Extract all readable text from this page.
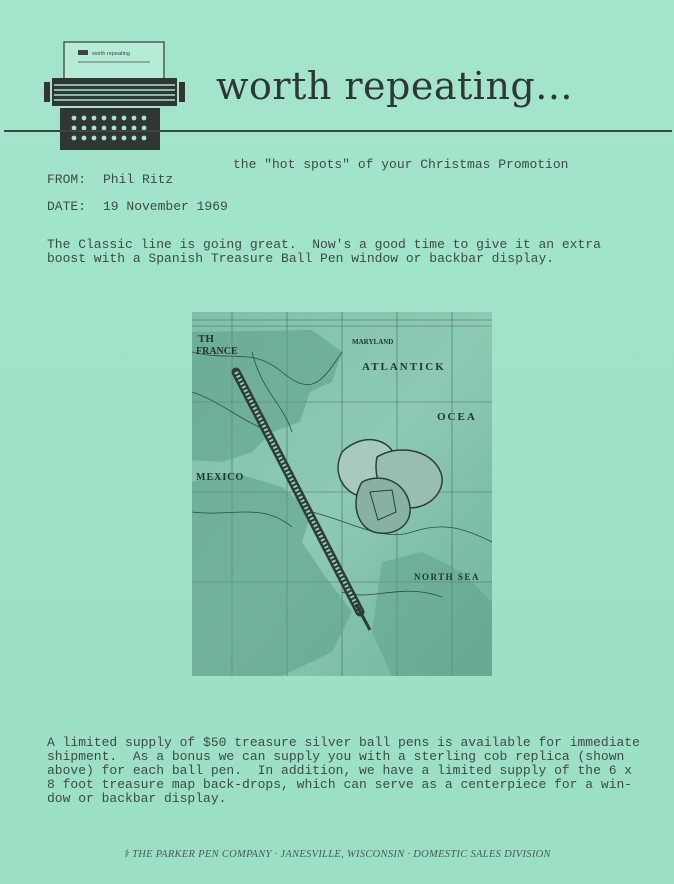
worth repeating
worth repeating...
the "hot spots" of your Christmas Promotion
FROM: Phil Ritz
DATE: 19 November 1969
The Classic line is going great.  Now's a good time to give it an extra
boost with a Spanish Treasure Ball Pen window or backbar display.
TH
FRANCE
MARYLAND
ATLANTICK
OCEA
MEXICO
NORTH SEA
A limited supply of $50 treasure silver ball pens is available for immediate
shipment.  As a bonus we can supply you with a sterling cob replica (shown
above) for each ball pen.  In addition, we have a limited supply of the 6 x
8 foot treasure map back-drops, which can serve as a centerpiece for a win-
dow or backbar display.
⚕ THE PARKER PEN COMPANY · JANESVILLE, WISCONSIN · DOMESTIC SALES DIVISION
